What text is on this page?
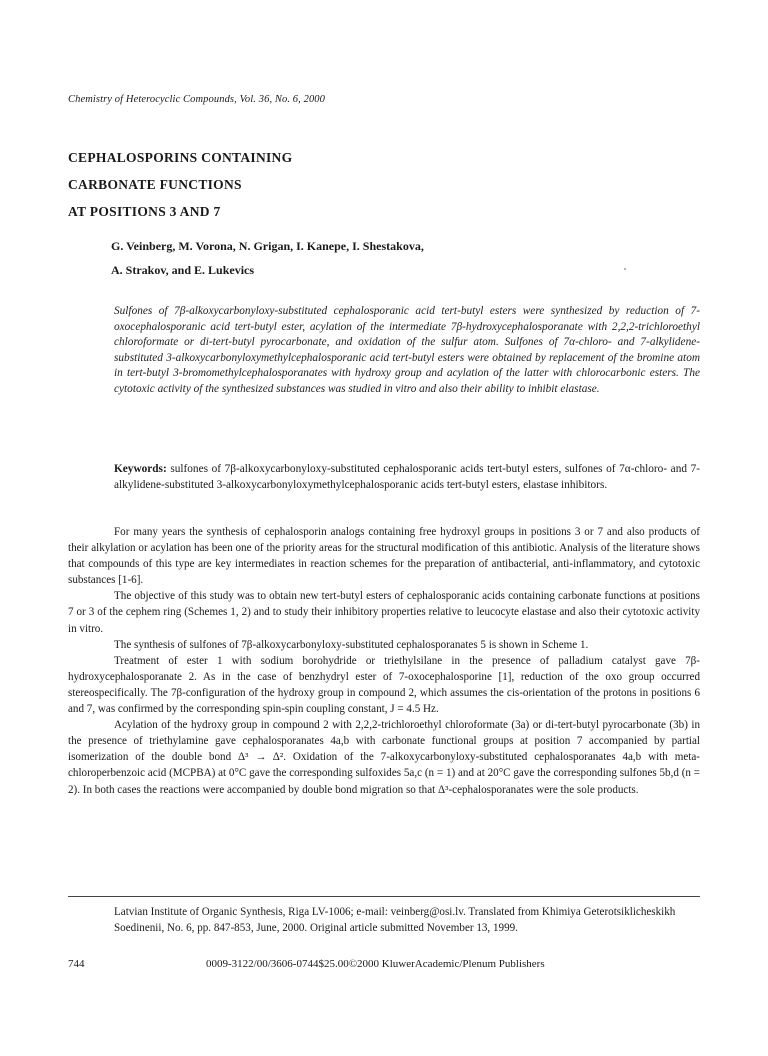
Chemistry of Heterocyclic Compounds, Vol. 36, No. 6, 2000
CEPHALOSPORINS CONTAINING
CARBONATE FUNCTIONS
AT POSITIONS 3 AND 7
G. Veinberg, M. Vorona, N. Grigan, I. Kanepe, I. Shestakova,
A. Strakov, and E. Lukevics
Sulfones of 7β-alkoxycarbonyloxy-substituted cephalosporanic acid tert-butyl esters were synthesized by reduction of 7-oxocephalosporanic acid tert-butyl ester, acylation of the intermediate 7β-hydroxycephalosporanate with 2,2,2-trichloroethyl chloroformate or di-tert-butyl pyrocarbonate, and oxidation of the sulfur atom. Sulfones of 7α-chloro- and 7-alkylidene-substituted 3-alkoxycarbonyloxymethylcephalosporanic acid tert-butyl esters were obtained by replacement of the bromine atom in tert-butyl 3-bromomethylcephalosporanates with hydroxy group and acylation of the latter with chlorocarbonic esters. The cytotoxic activity of the synthesized substances was studied in vitro and also their ability to inhibit elastase.
Keywords: sulfones of 7β-alkoxycarbonyloxy-substituted cephalosporanic acids tert-butyl esters, sulfones of 7α-chloro- and 7-alkylidene-substituted 3-alkoxycarbonyloxymethylcephalosporanic acids tert-butyl esters, elastase inhibitors.

For many years the synthesis of cephalosporin analogs containing free hydroxyl groups in positions 3 or 7 and also products of their alkylation or acylation has been one of the priority areas for the structural modification of this antibiotic. Analysis of the literature shows that compounds of this type are key intermediates in reaction schemes for the preparation of antibacterial, anti-inflammatory, and cytotoxic substances [1-6].

The objective of this study was to obtain new tert-butyl esters of cephalosporanic acids containing carbonate functions at positions 7 or 3 of the cephem ring (Schemes 1, 2) and to study their inhibitory properties relative to leucocyte elastase and also their cytotoxic activity in vitro.

The synthesis of sulfones of 7β-alkoxycarbonyloxy-substituted cephalosporanates 5 is shown in Scheme 1.

Treatment of ester 1 with sodium borohydride or triethylsilane in the presence of palladium catalyst gave 7β-hydroxycephalosporanate 2. As in the case of benzhydryl ester of 7-oxocephalosporine [1], reduction of the oxo group occurred stereospecifically. The 7β-configuration of the hydroxy group in compound 2, which assumes the cis-orientation of the protons in positions 6 and 7, was confirmed by the corresponding spin-spin coupling constant, J = 4.5 Hz.

Acylation of the hydroxy group in compound 2 with 2,2,2-trichloroethyl chloroformate (3a) or di-tert-butyl pyrocarbonate (3b) in the presence of triethylamine gave cephalosporanates 4a,b with carbonate functional groups at position 7 accompanied by partial isomerization of the double bond Δ³ → Δ². Oxidation of the 7-alkoxycarbonyloxy-substituted cephalosporanates 4a,b with meta-chloroperbenzoic acid (MCPBA) at 0°C gave the corresponding sulfoxides 5a,c (n = 1) and at 20°C gave the corresponding sulfones 5b,d (n = 2). In both cases the reactions were accompanied by double bond migration so that Δ³-cephalosporanates were the sole products.

Latvian Institute of Organic Synthesis, Riga LV-1006; e-mail: veinberg@osi.lv. Translated from Khimiya Geterotsiklicheskikh Soedinenii, No. 6, pp. 847-853, June, 2000. Original article submitted November 13, 1999.
744	0009-3122/00/3606-0744$25.00©2000 KluwerAcademic/Plenum Publishers
